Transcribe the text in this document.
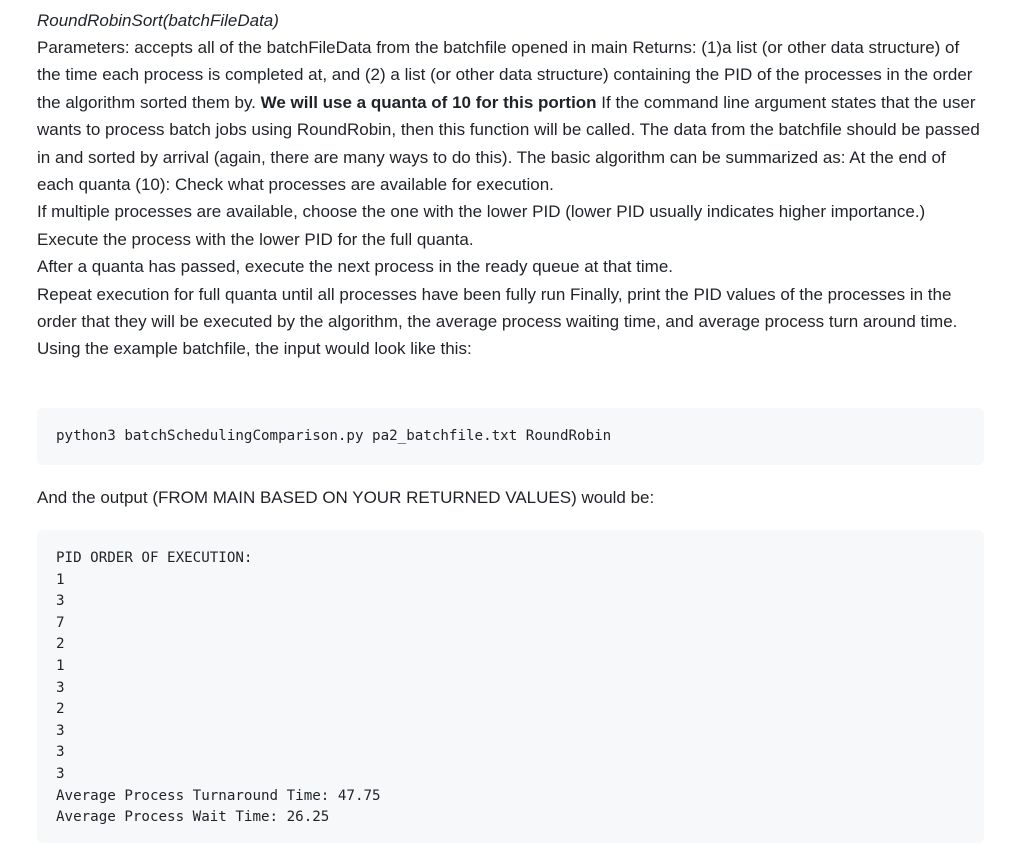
RoundRobinSort(batchFileData)

Parameters: accepts all of the batchFileData from the batchfile opened in main Returns: (1)a list (or other data structure) of the time each process is completed at, and (2) a list (or other data structure) containing the PID of the processes in the order the algorithm sorted them by. We will use a quanta of 10 for this portion If the command line argument states that the user wants to process batch jobs using RoundRobin, then this function will be called. The data from the batchfile should be passed in and sorted by arrival (again, there are many ways to do this). The basic algorithm can be summarized as: At the end of each quanta (10): Check what processes are available for execution.

If multiple processes are available, choose the one with the lower PID (lower PID usually indicates higher importance.) Execute the process with the lower PID for the full quanta.

After a quanta has passed, execute the next process in the ready queue at that time.

Repeat execution for full quanta until all processes have been fully run Finally, print the PID values of the processes in the order that they will be executed by the algorithm, the average process waiting time, and average process turn around time. Using the example batchfile, the input would look like this:

python3 batchSchedulingComparison.py pa2_batchfile.txt RoundRobin

And the output (FROM MAIN BASED ON YOUR RETURNED VALUES) would be:

PID ORDER OF EXECUTION:
1
3
7
2
1
3
2
3
3
3
Average Process Turnaround Time: 47.75
Average Process Wait Time: 26.25
